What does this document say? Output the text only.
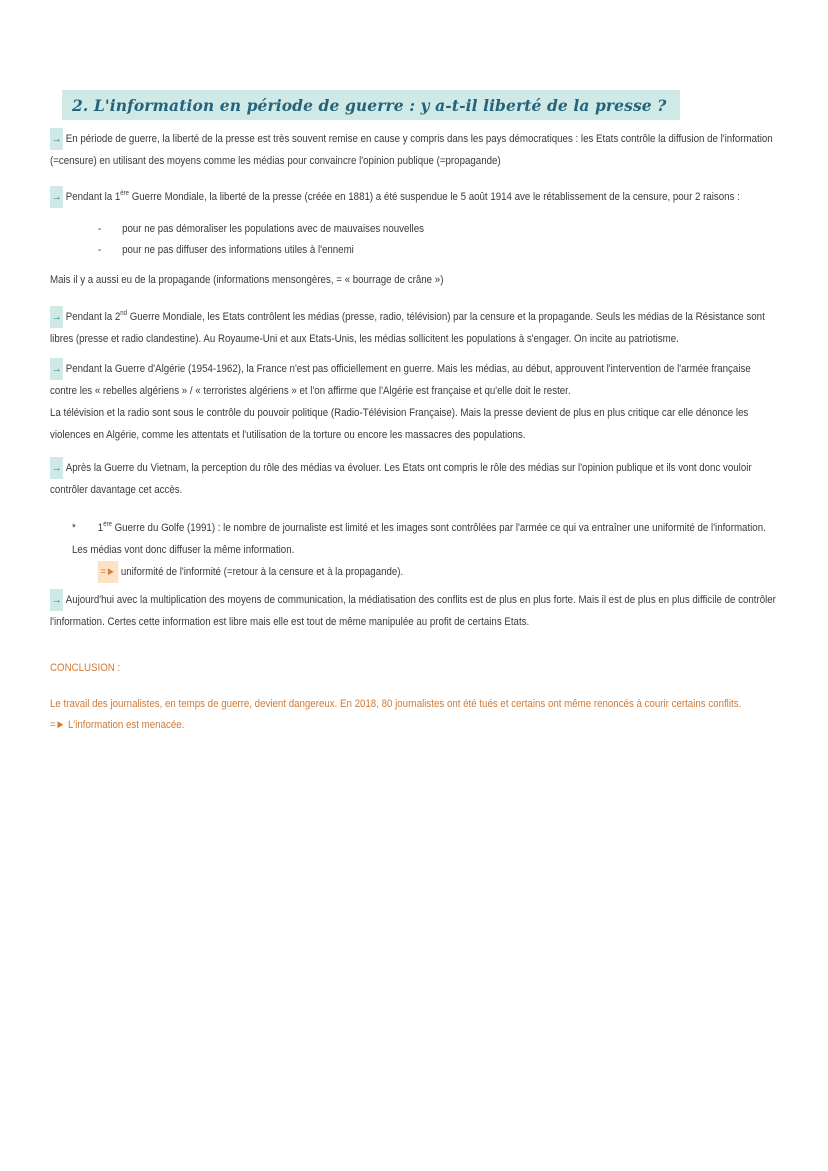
2. L'information en période de guerre : y a-t-il liberté de la presse ?

→ En période de guerre, la liberté de la presse est très souvent remise en cause y compris dans les pays démocratiques : les Etats contrôle la diffusion de l'information (=censure) en utilisant des moyens comme les médias pour convaincre l'opinion publique (=propagande)

→ Pendant la 1ère Guerre Mondiale, la liberté de la presse (créée en 1881) a été suspendue le 5 août 1914 ave le rétablissement de la censure, pour 2 raisons :

-	pour ne pas démoraliser les populations avec de mauvaises nouvelles
-	pour ne pas diffuser des informations utiles à l'ennemi

Mais il y a aussi eu de la propagande (informations mensongères, = « bourrage de crâne »)

→ Pendant la 2nd Guerre Mondiale, les Etats contrôlent les médias (presse, radio, télévision) par la censure et la propagande. Seuls les médias de la Résistance sont libres (presse et radio clandestine). Au Royaume-Uni et aux Etats-Unis, les médias sollicitent les populations à s'engager. On incite au patriotisme.

→ Pendant la Guerre d'Algérie (1954-1962), la France n'est pas officiellement en guerre. Mais les médias, au début, approuvent l'intervention de l'armée française contre les « rebelles algériens » / « terroristes algériens » et l'on affirme que l'Algérie est française et qu'elle doit le rester.

La télévision et la radio sont sous le contrôle du pouvoir politique (Radio-Télévision Française). Mais la presse devient de plus en plus critique car elle dénonce les violences en Algérie, comme les attentats et l'utilisation de la torture ou encore les massacres des populations.

→ Après la Guerre du Vietnam, la perception du rôle des médias va évoluer. Les Etats ont compris le rôle des médias sur l'opinion publique et ils vont donc vouloir contrôler davantage cet accès.

* 1ère Guerre du Golfe (1991) : le nombre de journaliste est limité et les images sont contrôlées par l'armée ce qui va entraîner une uniformité de l'information. Les médias vont donc diffuser la même information.
=► uniformité de l'informité (=retour à la censure et à la propagande).

→ Aujourd'hui avec la multiplication des moyens de communication, la médiatisation des conflits est de plus en plus forte. Mais il est de plus en plus difficile de contrôler l'information. Certes cette information est libre mais elle est tout de même manipulée au profit de certains Etats.

CONCLUSION :
Le travail des journalistes, en temps de guerre, devient dangereux. En 2018, 80 journalistes ont été tués et certains ont même renoncés à courir certains conflits.
=► L'information est menacée.
